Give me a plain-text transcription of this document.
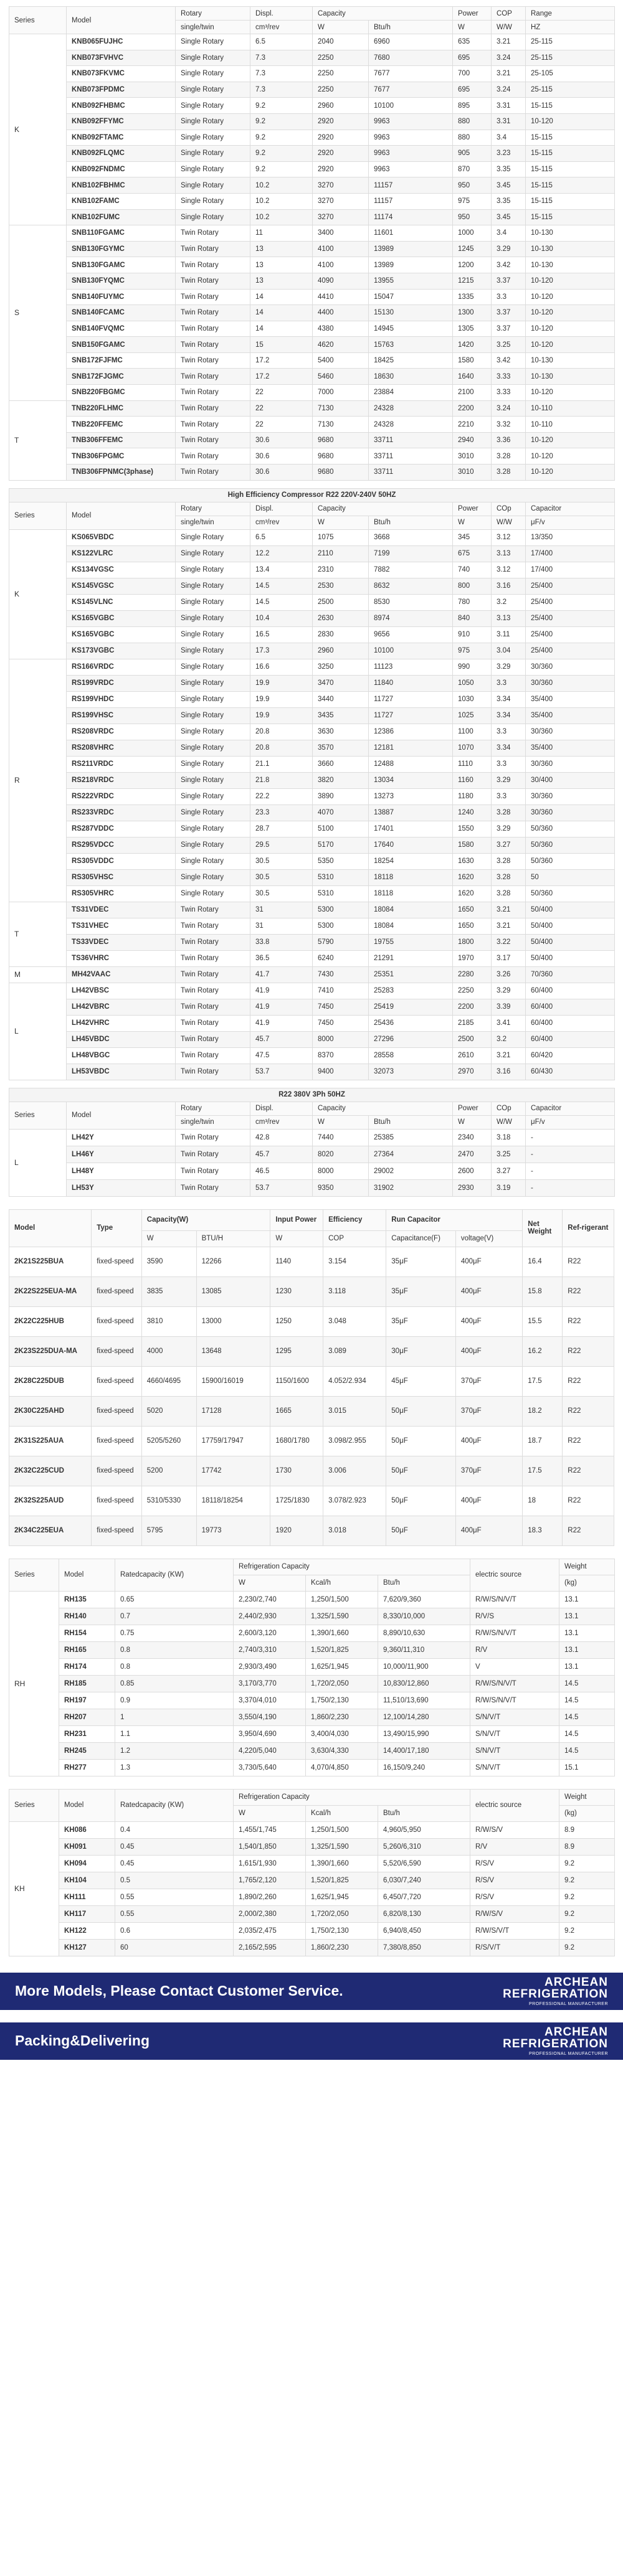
Series	Model	Rotary	Displ.	Capacity		Power	COP	Range
		single/twin	cm³/rev	W	Btu/h	W	W/W	HZ
K	KNB065FUJHC	Single Rotary	6.5	2040	6960	635	3.21	25-115
	KNB073FVHVC	Single Rotary	7.3	2250	7680	695	3.24	25-115
	KNB073FKVMC	Single Rotary	7.3	2250	7677	700	3.21	25-105
	KNB073FPDMC	Single Rotary	7.3	2250	7677	695	3.24	25-115
	KNB092FHBMC	Single Rotary	9.2	2960	10100	895	3.31	15-115
	KNB092FFYMC	Single Rotary	9.2	2920	9963	880	3.31	10-120
	KNB092FTAMC	Single Rotary	9.2	2920	9963	880	3.4	15-115
	KNB092FLQMC	Single Rotary	9.2	2920	9963	905	3.23	15-115
	KNB092FNDMC	Single Rotary	9.2	2920	9963	870	3.35	15-115
	KNB102FBHMC	Single Rotary	10.2	3270	11157	950	3.45	15-115
	KNB102FAMC	Single Rotary	10.2	3270	11157	975	3.35	15-115
	KNB102FUMC	Single Rotary	10.2	3270	11174	950	3.45	15-115
S	SNB110FGAMC	Twin Rotary	11	3400	11601	1000	3.4	10-130
	SNB130FGYMC	Twin Rotary	13	4100	13989	1245	3.29	10-130
	SNB130FGAMC	Twin Rotary	13	4100	13989	1200	3.42	10-130
	SNB130FYQMC	Twin Rotary	13	4090	13955	1215	3.37	10-120
	SNB140FUYMC	Twin Rotary	14	4410	15047	1335	3.3	10-120
	SNB140FCAMC	Twin Rotary	14	4400	15130	1300	3.37	10-120
	SNB140FVQMC	Twin Rotary	14	4380	14945	1305	3.37	10-120
	SNB150FGAMC	Twin Rotary	15	4620	15763	1420	3.25	10-120
	SNB172FJFMC	Twin Rotary	17.2	5400	18425	1580	3.42	10-130
	SNB172FJGMC	Twin Rotary	17.2	5460	18630	1640	3.33	10-130
	SNB220FBGMC	Twin Rotary	22	7000	23884	2100	3.33	10-120
T	TNB220FLHMC	Twin Rotary	22	7130	24328	2200	3.24	10-110
	TNB220FFEMC	Twin Rotary	22	7130	24328	2210	3.32	10-110
	TNB306FFEMC	Twin Rotary	30.6	9680	33711	2940	3.36	10-120
	TNB306FPGMC	Twin Rotary	30.6	9680	33711	3010	3.28	10-120
	TNB306FPNMC(3phase)	Twin Rotary	30.6	9680	33711	3010	3.28	10-120
High Efficiency Compressor R22 220V-240V 50HZ								
Series	Model	Rotary	Displ.	Capacity		Power	COp	Capacitor
		single/twin	cm³/rev	W	Btu/h	W	W/W	μF/v
K	KS065VBDC	Single Rotary	6.5	1075	3668	345	3.12	13/350
	KS122VLRC	Single Rotary	12.2	2110	7199	675	3.13	17/400
	KS134VGSC	Single Rotary	13.4	2310	7882	740	3.12	17/400
	KS145VGSC	Single Rotary	14.5	2530	8632	800	3.16	25/400
	KS145VLNC	Single Rotary	14.5	2500	8530	780	3.2	25/400
	KS165VGBC	Single Rotary	10.4	2630	8974	840	3.13	25/400
	KS165VGBC	Single Rotary	16.5	2830	9656	910	3.11	25/400
	KS173VGBC	Single Rotary	17.3	2960	10100	975	3.04	25/400
R	RS166VRDC	Single Rotary	16.6	3250	11123	990	3.29	30/360
	RS199VRDC	Single Rotary	19.9	3470	11840	1050	3.3	30/360
	RS199VHDC	Single Rotary	19.9	3440	11727	1030	3.34	35/400
	RS199VHSC	Single Rotary	19.9	3435	11727	1025	3.34	35/400
	RS208VRDC	Single Rotary	20.8	3630	12386	1100	3.3	30/360
	RS208VHRC	Single Rotary	20.8	3570	12181	1070	3.34	35/400
	RS211VRDC	Single Rotary	21.1	3660	12488	1110	3.3	30/360
	RS218VRDC	Single Rotary	21.8	3820	13034	1160	3.29	30/400
	RS222VRDC	Single Rotary	22.2	3890	13273	1180	3.3	30/360
	RS233VRDC	Single Rotary	23.3	4070	13887	1240	3.28	30/360
	RS287VDDC	Single Rotary	28.7	5100	17401	1550	3.29	50/360
	RS295VDCC	Single Rotary	29.5	5170	17640	1580	3.27	50/360
	RS305VDDC	Single Rotary	30.5	5350	18254	1630	3.28	50/360
	RS305VHSC	Single Rotary	30.5	5310	18118	1620	3.28	50
	RS305VHRC	Single Rotary	30.5	5310	18118	1620	3.28	50/360
T	TS31VDEC	Twin Rotary	31	5300	18084	1650	3.21	50/400
	TS31VHEC	Twin Rotary	31	5300	18084	1650	3.21	50/400
	TS33VDEC	Twin Rotary	33.8	5790	19755	1800	3.22	50/400
	TS36VHRC	Twin Rotary	36.5	6240	21291	1970	3.17	50/400
M	MH42VAAC	Twin Rotary	41.7	7430	25351	2280	3.26	70/360
L	LH42VBSC	Twin Rotary	41.9	7410	25283	2250	3.29	60/400
	LH42VBRC	Twin Rotary	41.9	7450	25419	2200	3.39	60/400
	LH42VHRC	Twin Rotary	41.9	7450	25436	2185	3.41	60/400
	LH45VBDC	Twin Rotary	45.7	8000	27296	2500	3.2	60/400
	LH48VBGC	Twin Rotary	47.5	8370	28558	2610	3.21	60/420
	LH53VBDC	Twin Rotary	53.7	9400	32073	2970	3.16	60/430
R22 380V 3Ph 50HZ								
Series	Model	Rotary	Displ.	Capacity		Power	COp	Capacitor
		single/twin	cm³/rev	W	Btu/h	W	W/W	μF/v
L	LH42Y	Twin Rotary	42.8	7440	25385	2340	3.18	-
	LH46Y	Twin Rotary	45.7	8020	27364	2470	3.25	-
	LH48Y	Twin Rotary	46.5	8000	29002	2600	3.27	-
	LH53Y	Twin Rotary	53.7	9350	31902	2930	3.19	-
Model	Type	Capacity(W)		Input Power	Efficiency	Run Capacitor		Net Weight	Ref-rigerant
		W	BTU/H	W	COP	Capacitance(F)	voltage(V)		
2K21S225BUA	fixed-speed	3590	12266	1140	3.154	35μF	400μF	16.4	R22
2K22S225EUA-MA	fixed-speed	3835	13085	1230	3.118	35μF	400μF	15.8	R22
2K22C225HUB	fixed-speed	3810	13000	1250	3.048	35μF	400μF	15.5	R22
2K23S225DUA-MA	fixed-speed	4000	13648	1295	3.089	30μF	400μF	16.2	R22
2K28C225DUB	fixed-speed	4660/4695	15900/16019	1150/1600	4.052/2.934	45μF	370μF	17.5	R22
2K30C225AHD	fixed-speed	5020	17128	1665	3.015	50μF	370μF	18.2	R22
2K31S225AUA	fixed-speed	5205/5260	17759/17947	1680/1780	3.098/2.955	50μF	400μF	18.7	R22
2K32C225CUD	fixed-speed	5200	17742	1730	3.006	50μF	370μF	17.5	R22
2K32S225AUD	fixed-speed	5310/5330	18118/18254	1725/1830	3.078/2.923	50μF	400μF	18	R22
2K34C225EUA	fixed-speed	5795	19773	1920	3.018	50μF	400μF	18.3	R22
Series	Model	Ratedcapacity (KW)	Refrigeration Capacity			electric source	Weight
			W	Kcal/h	Btu/h		(kg)
RH	RH135	0.65	2,230/2,740	1,250/1,500	7,620/9,360	R/W/S/N/V/T	13.1
	RH140	0.7	2,440/2,930	1,325/1,590	8,330/10,000	R/V/S	13.1
	RH154	0.75	2,600/3,120	1,390/1,660	8,890/10,630	R/W/S/N/V/T	13.1
	RH165	0.8	2,740/3,310	1,520/1,825	9,360/11,310	R/V	13.1
	RH174	0.8	2,930/3,490	1,625/1,945	10,000/11,900	V	13.1
	RH185	0.85	3,170/3,770	1,720/2,050	10,830/12,860	R/W/S/N/V/T	14.5
	RH197	0.9	3,370/4,010	1,750/2,130	11,510/13,690	R/W/S/N/V/T	14.5
	RH207	1	3,550/4,190	1,860/2,230	12,100/14,280	S/N/V/T	14.5
	RH231	1.1	3,950/4,690	3,400/4,030	13,490/15,990	S/N/V/T	14.5
	RH245	1.2	4,220/5,040	3,630/4,330	14,400/17,180	S/N/V/T	14.5
	RH277	1.3	3,730/5,640	4,070/4,850	16,150/9,240	S/N/V/T	15.1
Series	Model	Ratedcapacity (KW)	Refrigeration Capacity			electric source	Weight
			W	Kcal/h	Btu/h		(kg)
KH	KH086	0.4	1,455/1,745	1,250/1,500	4,960/5,950	R/W/S/V	8.9
	KH091	0.45	1,540/1,850	1,325/1,590	5,260/6,310	R/V	8.9
	KH094	0.45	1,615/1,930	1,390/1,660	5,520/6,590	R/S/V	9.2
	KH104	0.5	1,765/2,120	1,520/1,825	6,030/7,240	R/S/V	9.2
	KH111	0.55	1,890/2,260	1,625/1,945	6,450/7,720	R/S/V	9.2
	KH117	0.55	2,000/2,380	1,720/2,050	6,820/8,130	R/W/S/V	9.2
	KH122	0.6	2,035/2,475	1,750/2,130	6,940/8,450	R/W/S/V/T	9.2
	KH127	60	2,165/2,595	1,860/2,230	7,380/8,850	R/S/V/T	9.2
More Models, Please Contact Customer Service.
ARCHEAN
REFRIGERATION
PROFESSIONAL MANUFACTURER
Packing&Delivering
ARCHEAN
REFRIGERATION
PROFESSIONAL MANUFACTURER
